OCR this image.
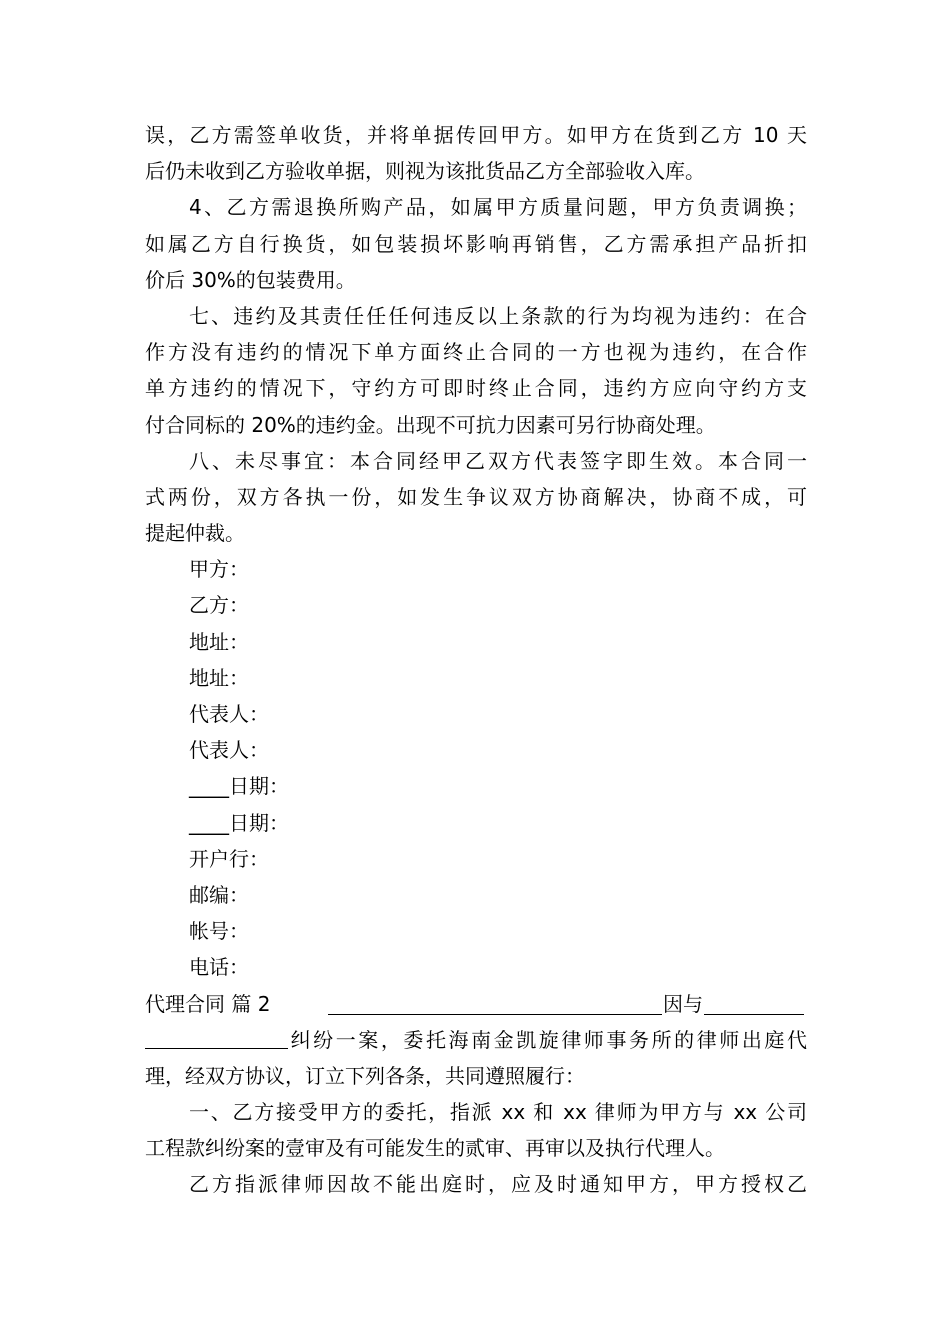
误，乙方需签单收货，并将单据传回甲方。如甲方在货到乙方 10 天
后仍未收到乙方验收单据，则视为该批货品乙方全部验收入库。
4、乙方需退换所购产品，如属甲方质量问题，甲方负责调换；
如属乙方自行换货，如包装损坏影响再销售，乙方需承担产品折扣
价后 30%的包装费用。
七、违约及其责任任任何违反以上条款的行为均视为违约：在合
作方没有违约的情况下单方面终止合同的一方也视为违约，在合作
单方违约的情况下，守约方可即时终止合同，违约方应向守约方支
付合同标的 20%的违约金。出现不可抗力因素可另行协商处理。
八、未尽事宜：本合同经甲乙双方代表签字即生效。本合同一
式两份，双方各执一份，如发生争议双方协商解决，协商不成，可
提起仲裁。
甲方：
乙方：
地址：
地址：
代表人：
代表人：
____日期：
____日期：
开户行：
邮编：
帐号：
电话：
代理合同 篇 2	因与
纠纷一案，委托海南金凯旋律师事务所的律师出庭代
理，经双方协议，订立下列各条，共同遵照履行：
一、乙方接受甲方的委托，指派 xx 和 xx 律师为甲方与 xx 公司
工程款纠纷案的壹审及有可能发生的贰审、再审以及执行代理人。
乙方指派律师因故不能出庭时，应及时通知甲方，甲方授权乙
